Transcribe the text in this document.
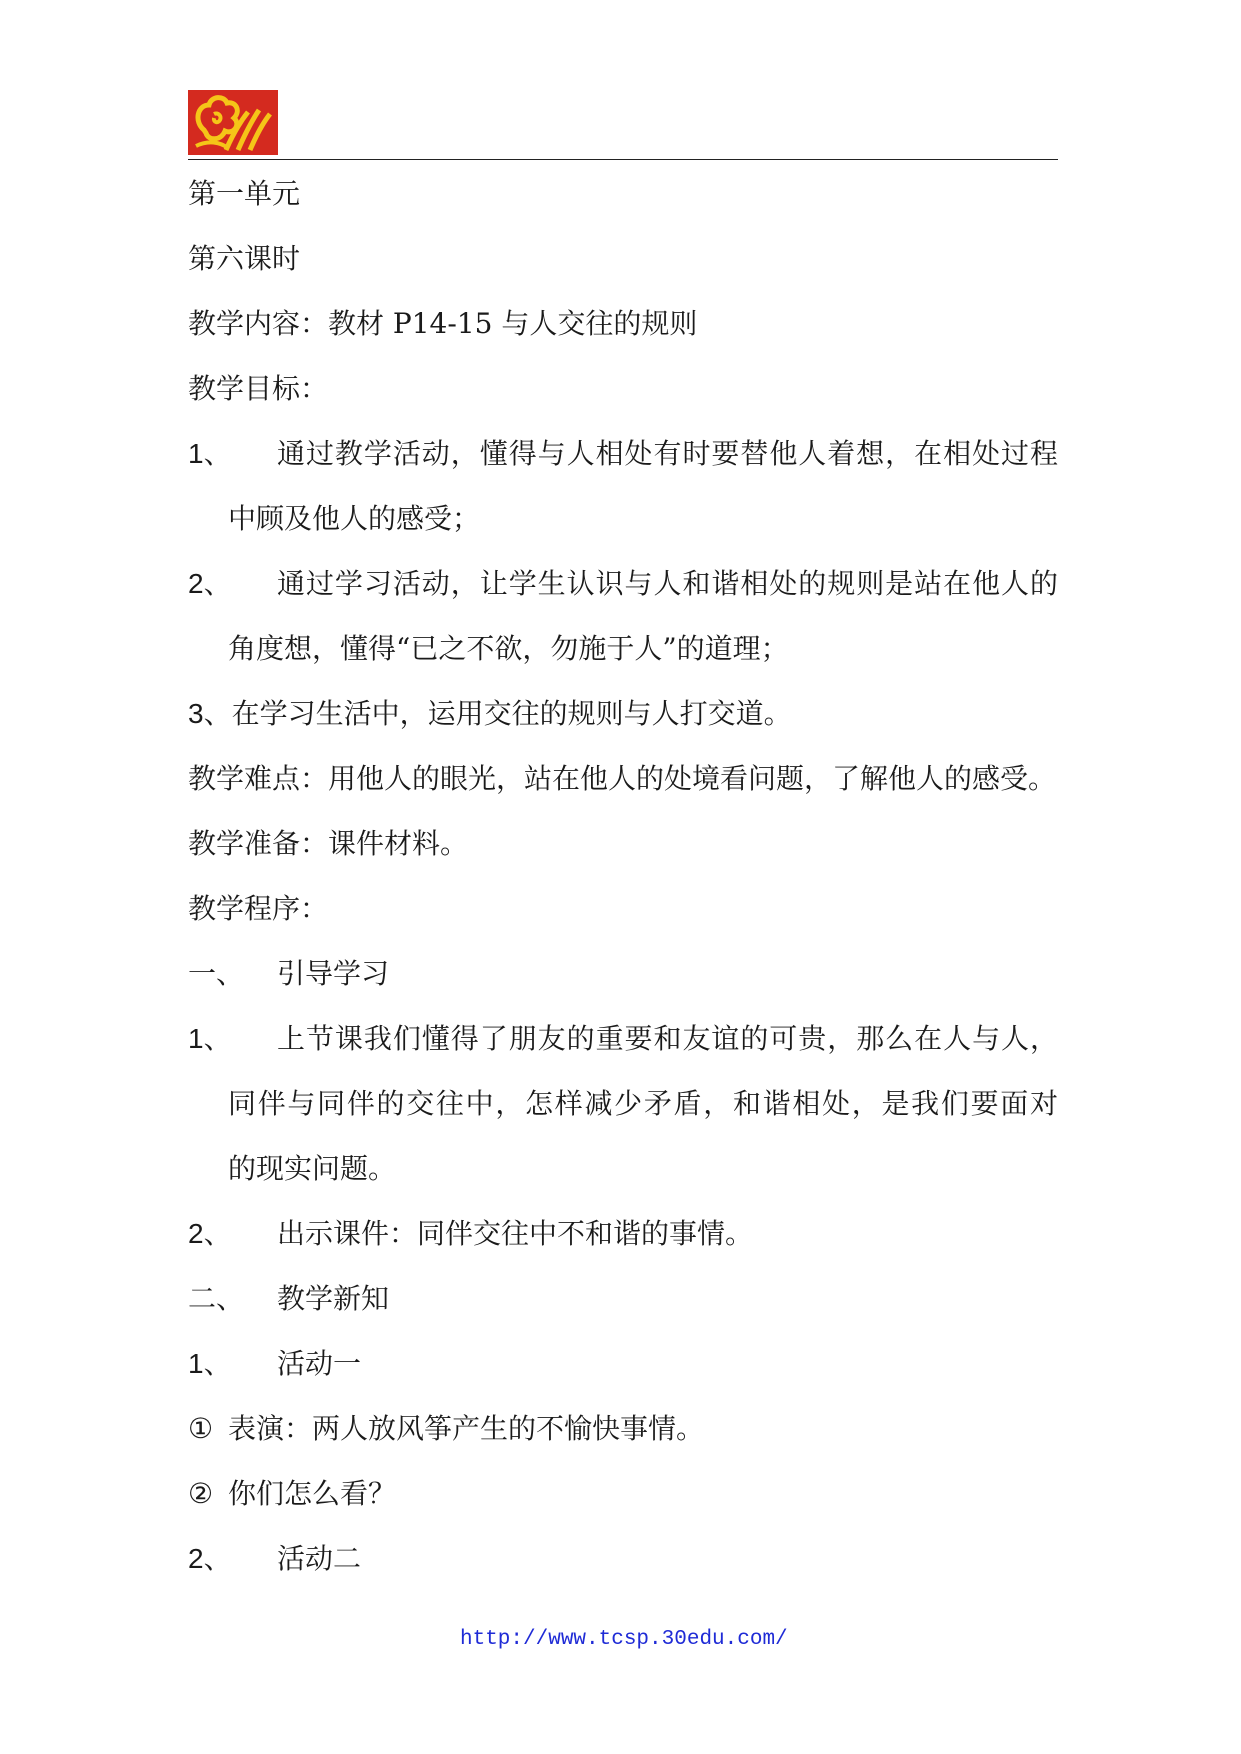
第一单元
第六课时
教学内容：教材 P14-15 与人交往的规则
教学目标：
1、 通过教学活动，懂得与人相处有时要替他人着想，在相处过程
中顾及他人的感受；
2、 通过学习活动，让学生认识与人和谐相处的规则是站在他人的
角度想，懂得“已之不欲，勿施于人”的道理；
3、在学习生活中，运用交往的规则与人打交道。
教学难点：用他人的眼光，站在他人的处境看问题，了解他人的感受。
教学准备：课件材料。
教学程序：
一、 引导学习
1、 上节课我们懂得了朋友的重要和友谊的可贵，那么在人与人，
同伴与同伴的交往中，怎样减少矛盾，和谐相处，是我们要面对
的现实问题。
2、 出示课件：同伴交往中不和谐的事情。
二、 教学新知
1、 活动一
① 表演：两人放风筝产生的不愉快事情。
② 你们怎么看？
2、 活动二
http://www.tcsp.30edu.com/
